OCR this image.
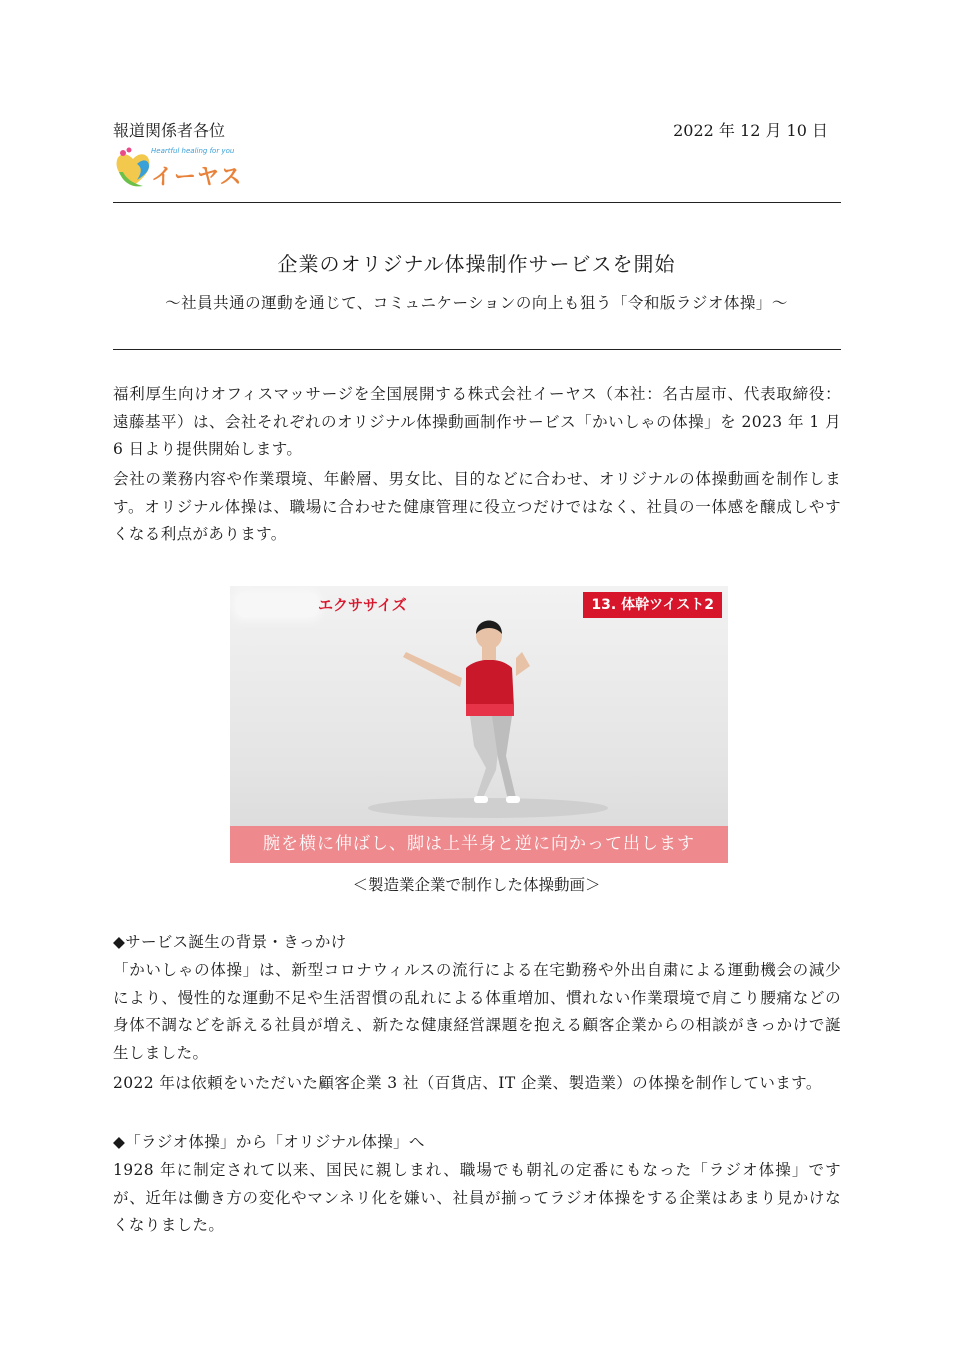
報道関係者各位	2022 年 12 月 10 日
Heartful healing for you
イーヤス
企業のオリジナル体操制作サービスを開始
〜社員共通の運動を通じて、コミュニケーションの向上も狙う「令和版ラジオ体操」〜

福利厚生向けオフィスマッサージを全国展開する株式会社イーヤス（本社：名古屋市、代表取締役：遠藤基平）は、会社それぞれのオリジナル体操動画制作サービス「かいしゃの体操」を 2023 年 1 月 6 日より提供開始します。

会社の業務内容や作業環境、年齢層、男女比、目的などに合わせ、オリジナルの体操動画を制作します。オリジナル体操は、職場に合わせた健康管理に役立つだけではなく、社員の一体感を醸成しやすくなる利点があります。

エクササイズ	13. 体幹ツイスト2
腕を横に伸ばし、脚は上半身と逆に向かって出します
＜製造業企業で制作した体操動画＞
◆サービス誕生の背景・きっかけ

「かいしゃの体操」は、新型コロナウィルスの流行による在宅勤務や外出自粛による運動機会の減少により、慢性的な運動不足や生活習慣の乱れによる体重増加、慣れない作業環境で肩こり腰痛などの身体不調などを訴える社員が増え、新たな健康経営課題を抱える顧客企業からの相談がきっかけで誕生しました。

2022 年は依頼をいただいた顧客企業 3 社（百貨店、IT 企業、製造業）の体操を制作しています。

◆「ラジオ体操」から「オリジナル体操」へ

1928 年に制定されて以来、国民に親しまれ、職場でも朝礼の定番にもなった「ラジオ体操」ですが、近年は働き方の変化やマンネリ化を嫌い、社員が揃ってラジオ体操をする企業はあまり見かけなくなりました。
